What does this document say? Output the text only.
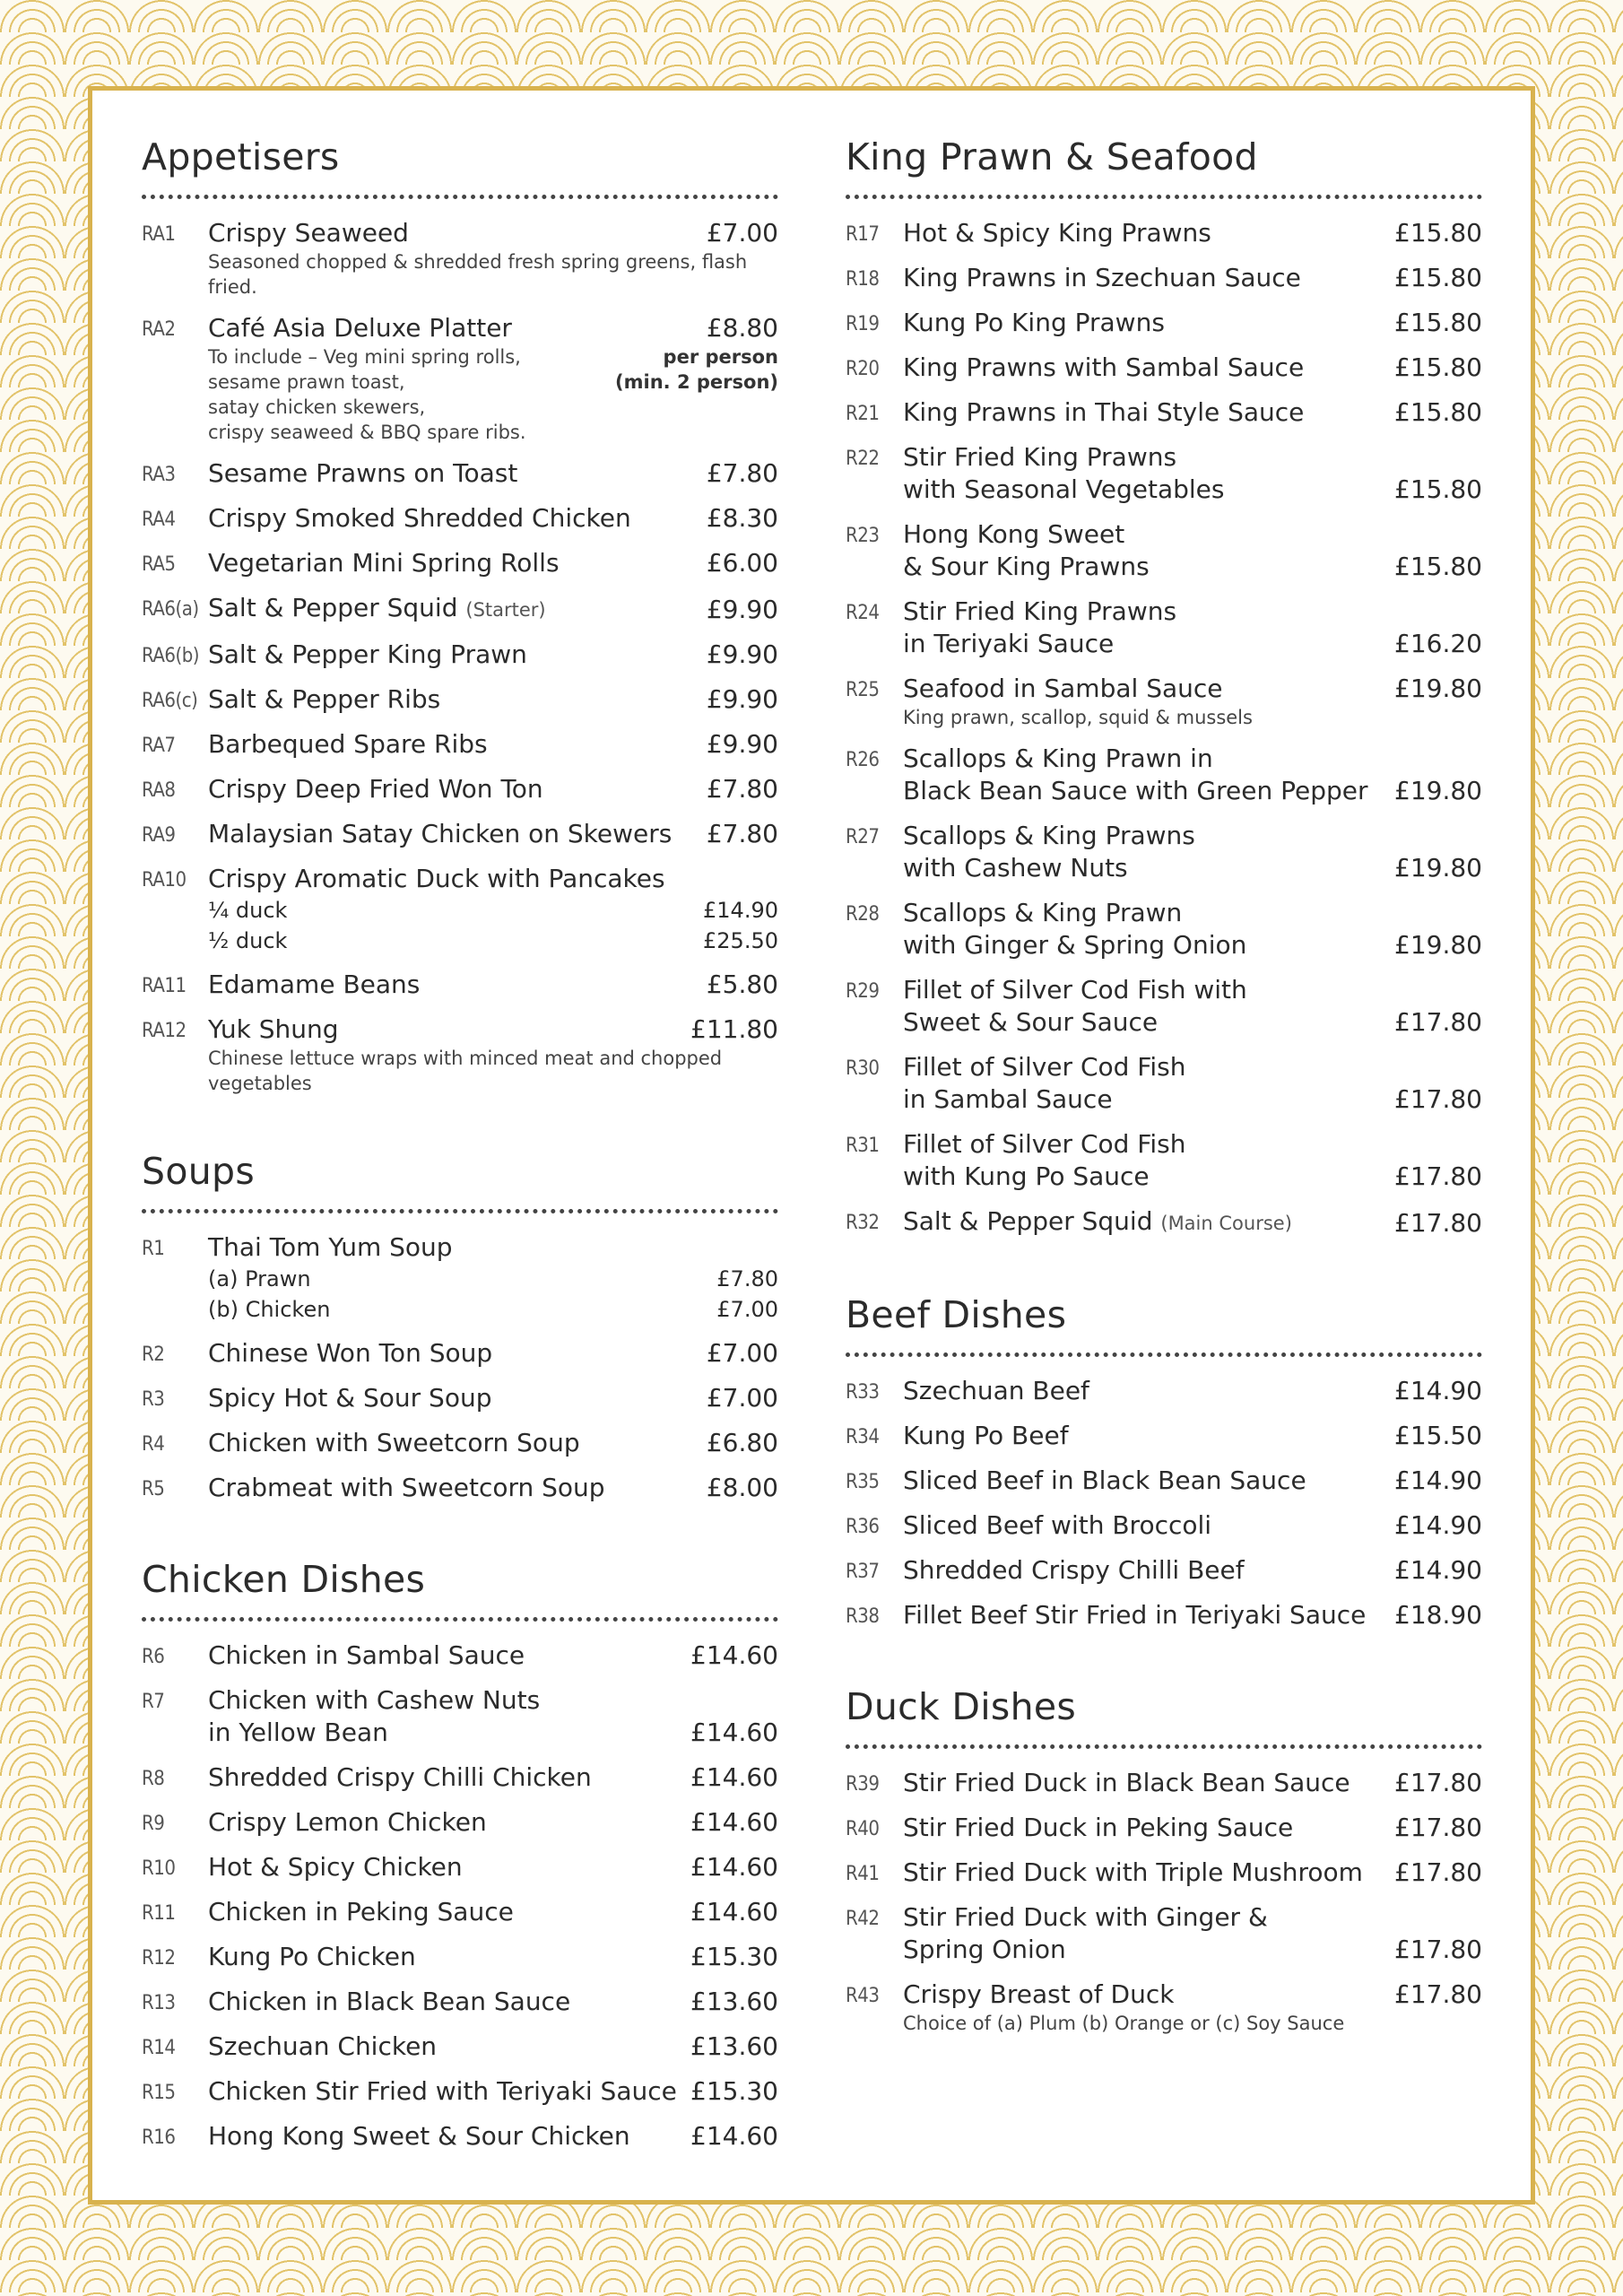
Appetisers
RA1	Crispy Seaweed	£7.00
Seasoned chopped & shredded fresh spring greens, flash fried.
RA2	Café Asia Deluxe Platter	£8.80
To include – Veg mini spring rolls,
sesame prawn toast,
satay chicken skewers,
crispy seaweed & BBQ spare ribs.
per person
(min. 2 person)
RA3	Sesame Prawns on Toast	£7.80
RA4	Crispy Smoked Shredded Chicken	£8.30
RA5	Vegetarian Mini Spring Rolls	£6.00
RA6(a) Salt & Pepper Squid (Starter)	£9.90
RA6(b) Salt & Pepper King Prawn	£9.90
RA6(c) Salt & Pepper Ribs	£9.90
RA7	Barbequed Spare Ribs	£9.90
RA8	Crispy Deep Fried Won Ton	£7.80
RA9	Malaysian Satay Chicken on Skewers £7.80
RA10 Crispy Aromatic Duck with Pancakes
¼ duck	£14.90
½ duck	£25.50
RA11 Edamame Beans	£5.80
RA12 Yuk Shung	£11.80
Chinese lettuce wraps with minced meat and chopped vegetables
Soups
R1	Thai Tom Yum Soup
(a) Prawn	£7.80
(b) Chicken	£7.00
R2	Chinese Won Ton Soup	£7.00
R3	Spicy Hot & Sour Soup	£7.00
R4	Chicken with Sweetcorn Soup	£6.80
R5	Crabmeat with Sweetcorn Soup	£8.00
Chicken Dishes
R6	Chicken in Sambal Sauce	£14.60
R7	Chicken with Cashew Nuts
in Yellow Bean	£14.60
R8	Shredded Crispy Chilli Chicken	£14.60
R9	Crispy Lemon Chicken	£14.60
R10	Hot & Spicy Chicken	£14.60
R11	Chicken in Peking Sauce	£14.60
R12	Kung Po Chicken	£15.30
R13	Chicken in Black Bean Sauce	£13.60
R14	Szechuan Chicken	£13.60
R15	Chicken Stir Fried with Teriyaki Sauce £15.30
R16	Hong Kong Sweet & Sour Chicken £14.60
King Prawn & Seafood
R17 Hot & Spicy King Prawns	£15.80
R18 King Prawns in Szechuan Sauce	£15.80
R19 Kung Po King Prawns	£15.80
R20 King Prawns with Sambal Sauce	£15.80
R21 King Prawns in Thai Style Sauce	£15.80
R22 Stir Fried King Prawns
with Seasonal Vegetables	£15.80
R23 Hong Kong Sweet
& Sour King Prawns	£15.80
R24 Stir Fried King Prawns
in Teriyaki Sauce	£16.20
R25 Seafood in Sambal Sauce	£19.80
King prawn, scallop, squid & mussels
R26 Scallops & King Prawn in
Black Bean Sauce with Green Pepper £19.80
R27 Scallops & King Prawns
with Cashew Nuts	£19.80
R28 Scallops & King Prawn
with Ginger & Spring Onion	£19.80
R29 Fillet of Silver Cod Fish with
Sweet & Sour Sauce	£17.80
R30 Fillet of Silver Cod Fish
in Sambal Sauce	£17.80
R31 Fillet of Silver Cod Fish
with Kung Po Sauce	£17.80
R32 Salt & Pepper Squid (Main Course)	£17.80
Beef Dishes
R33 Szechuan Beef	£14.90
R34 Kung Po Beef	£15.50
R35 Sliced Beef in Black Bean Sauce	£14.90
R36 Sliced Beef with Broccoli	£14.90
R37 Shredded Crispy Chilli Beef	£14.90
R38 Fillet Beef Stir Fried in Teriyaki Sauce £18.90
Duck Dishes
R39 Stir Fried Duck in Black Bean Sauce £17.80
R40 Stir Fried Duck in Peking Sauce	£17.80
R41 Stir Fried Duck with Triple Mushroom £17.80
R42 Stir Fried Duck with Ginger &
Spring Onion	£17.80
R43 Crispy Breast of Duck	£17.80
Choice of (a) Plum (b) Orange or (c) Soy Sauce
